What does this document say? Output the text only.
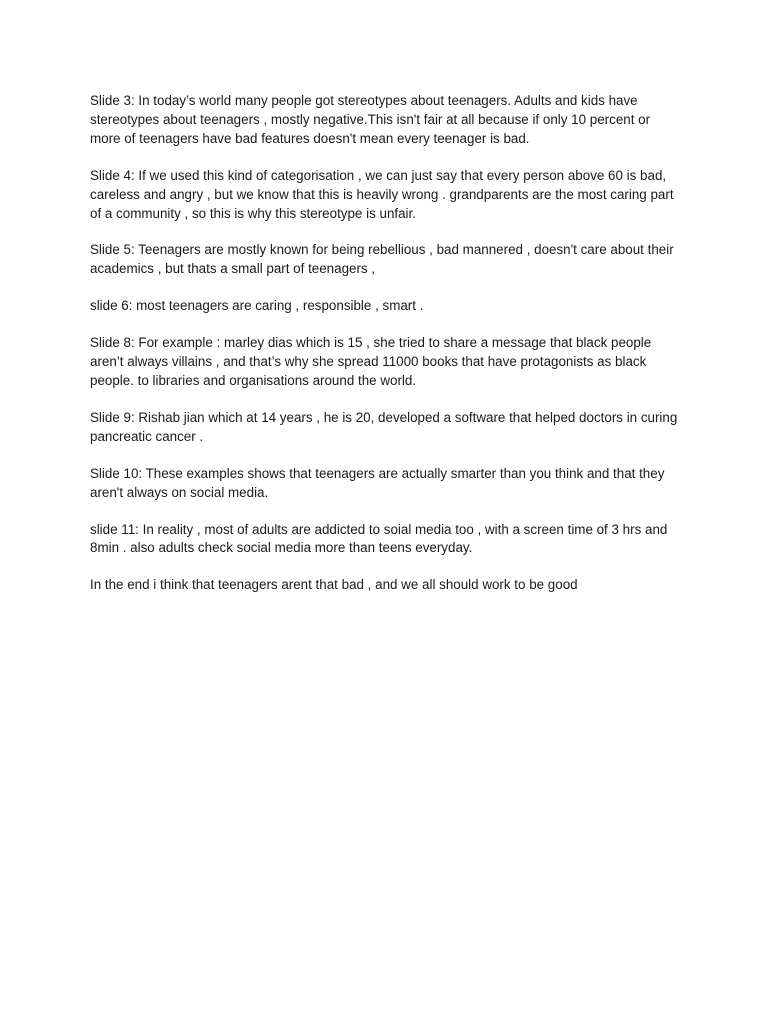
Slide 3: In today’s world many people got stereotypes about teenagers. Adults and kids have stereotypes about teenagers , mostly negative.This isn't fair at all because if only 10 percent or more of teenagers have bad features doesn't mean every teenager is bad.

Slide 4: If we used this kind of categorisation , we can just say that every person above 60 is bad, careless and angry , but we know that this is heavily wrong . grandparents are the most caring part of a community , so this is why this stereotype is unfair.

Slide 5: Teenagers are mostly known for being rebellious , bad mannered , doesn't care about their academics , but thats a small part of teenagers ,

slide 6: most teenagers are caring , responsible , smart .

Slide 8: For example : marley dias which is 15 , she tried to share a message that black people aren’t always villains , and that’s why she spread 11000 books that have protagonists as black people. to libraries and organisations around the world.

Slide 9: Rishab jian which at 14 years , he is 20, developed a software that helped doctors in curing pancreatic cancer .

Slide 10: These examples shows that teenagers are actually smarter than you think and that they aren't always on social media.

slide 11: In reality , most of adults are addicted to soial media too , with a screen time of 3 hrs and 8min . also adults check social media more than teens everyday.

In the end i think that teenagers arent that bad , and we all should work to be good
